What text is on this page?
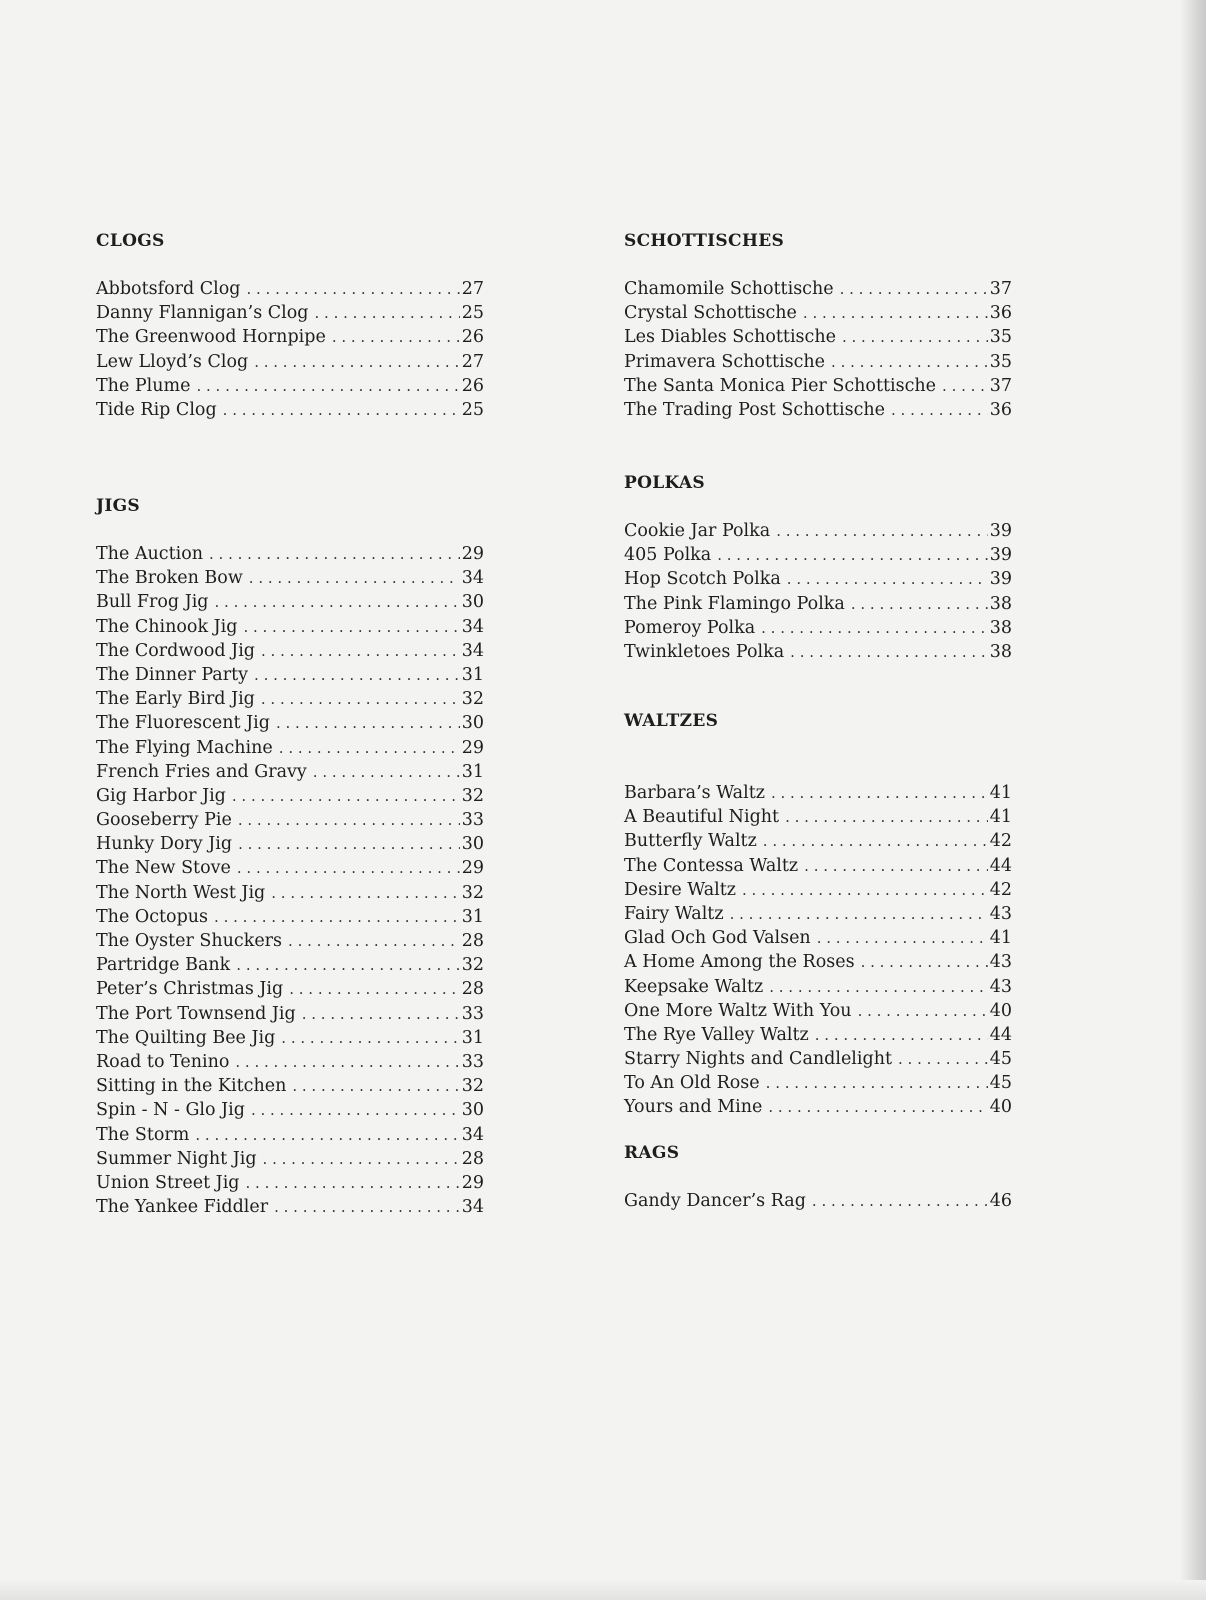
CLOGS
Abbotsford Clog . . .	27
Danny Flannigan’s Clog . . .	25
The Greenwood Hornpipe . . .	26
Lew Lloyd’s Clog . . .	27
The Plume . . .	26
Tide Rip Clog . . .	25
JIGS
The Auction . . .	29
The Broken Bow . . .	34
Bull Frog Jig . . .	30
The Chinook Jig . . .	34
The Cordwood Jig . . .	34
The Dinner Party . . .	31
The Early Bird Jig . . .	32
The Fluorescent Jig . . .	30
The Flying Machine . . .	29
French Fries and Gravy . . .	31
Gig Harbor Jig . . .	32
Gooseberry Pie . . .	33
Hunky Dory Jig . . .	30
The New Stove . . .	29
The North West Jig . . .	32
The Octopus . . .	31
The Oyster Shuckers . . .	28
Partridge Bank . . .	32
Peter’s Christmas Jig . . .	28
The Port Townsend Jig . . .	33
The Quilting Bee Jig . . .	31
Road to Tenino . . .	33
Sitting in the Kitchen . . .	32
Spin - N - Glo Jig . . .	30
The Storm . . .	34
Summer Night Jig . . .	28
Union Street Jig . . .	29
The Yankee Fiddler . . .	34
SCHOTTISCHES
Chamomile Schottische . . .	37
Crystal Schottische . . .	36
Les Diables Schottische . . .	35
Primavera Schottische . . .	35
The Santa Monica Pier Schottische . . .	37
The Trading Post Schottische . . .	36
POLKAS
Cookie Jar Polka . . .	39
405 Polka . . .	39
Hop Scotch Polka . . .	39
The Pink Flamingo Polka . . .	38
Pomeroy Polka . . .	38
Twinkletoes Polka . . .	38
WALTZES
Barbara’s Waltz . . .	41
A Beautiful Night . . .	41
Butterfly Waltz . . .	42
The Contessa Waltz . . .	44
Desire Waltz . . .	42
Fairy Waltz . . .	43
Glad Och God Valsen . . .	41
A Home Among the Roses . . .	43
Keepsake Waltz . . .	43
One More Waltz With You . . .	40
The Rye Valley Waltz . . .	44
Starry Nights and Candlelight . . .	45
To An Old Rose . . .	45
Yours and Mine . . .	40
RAGS
Gandy Dancer’s Rag . . .	46
